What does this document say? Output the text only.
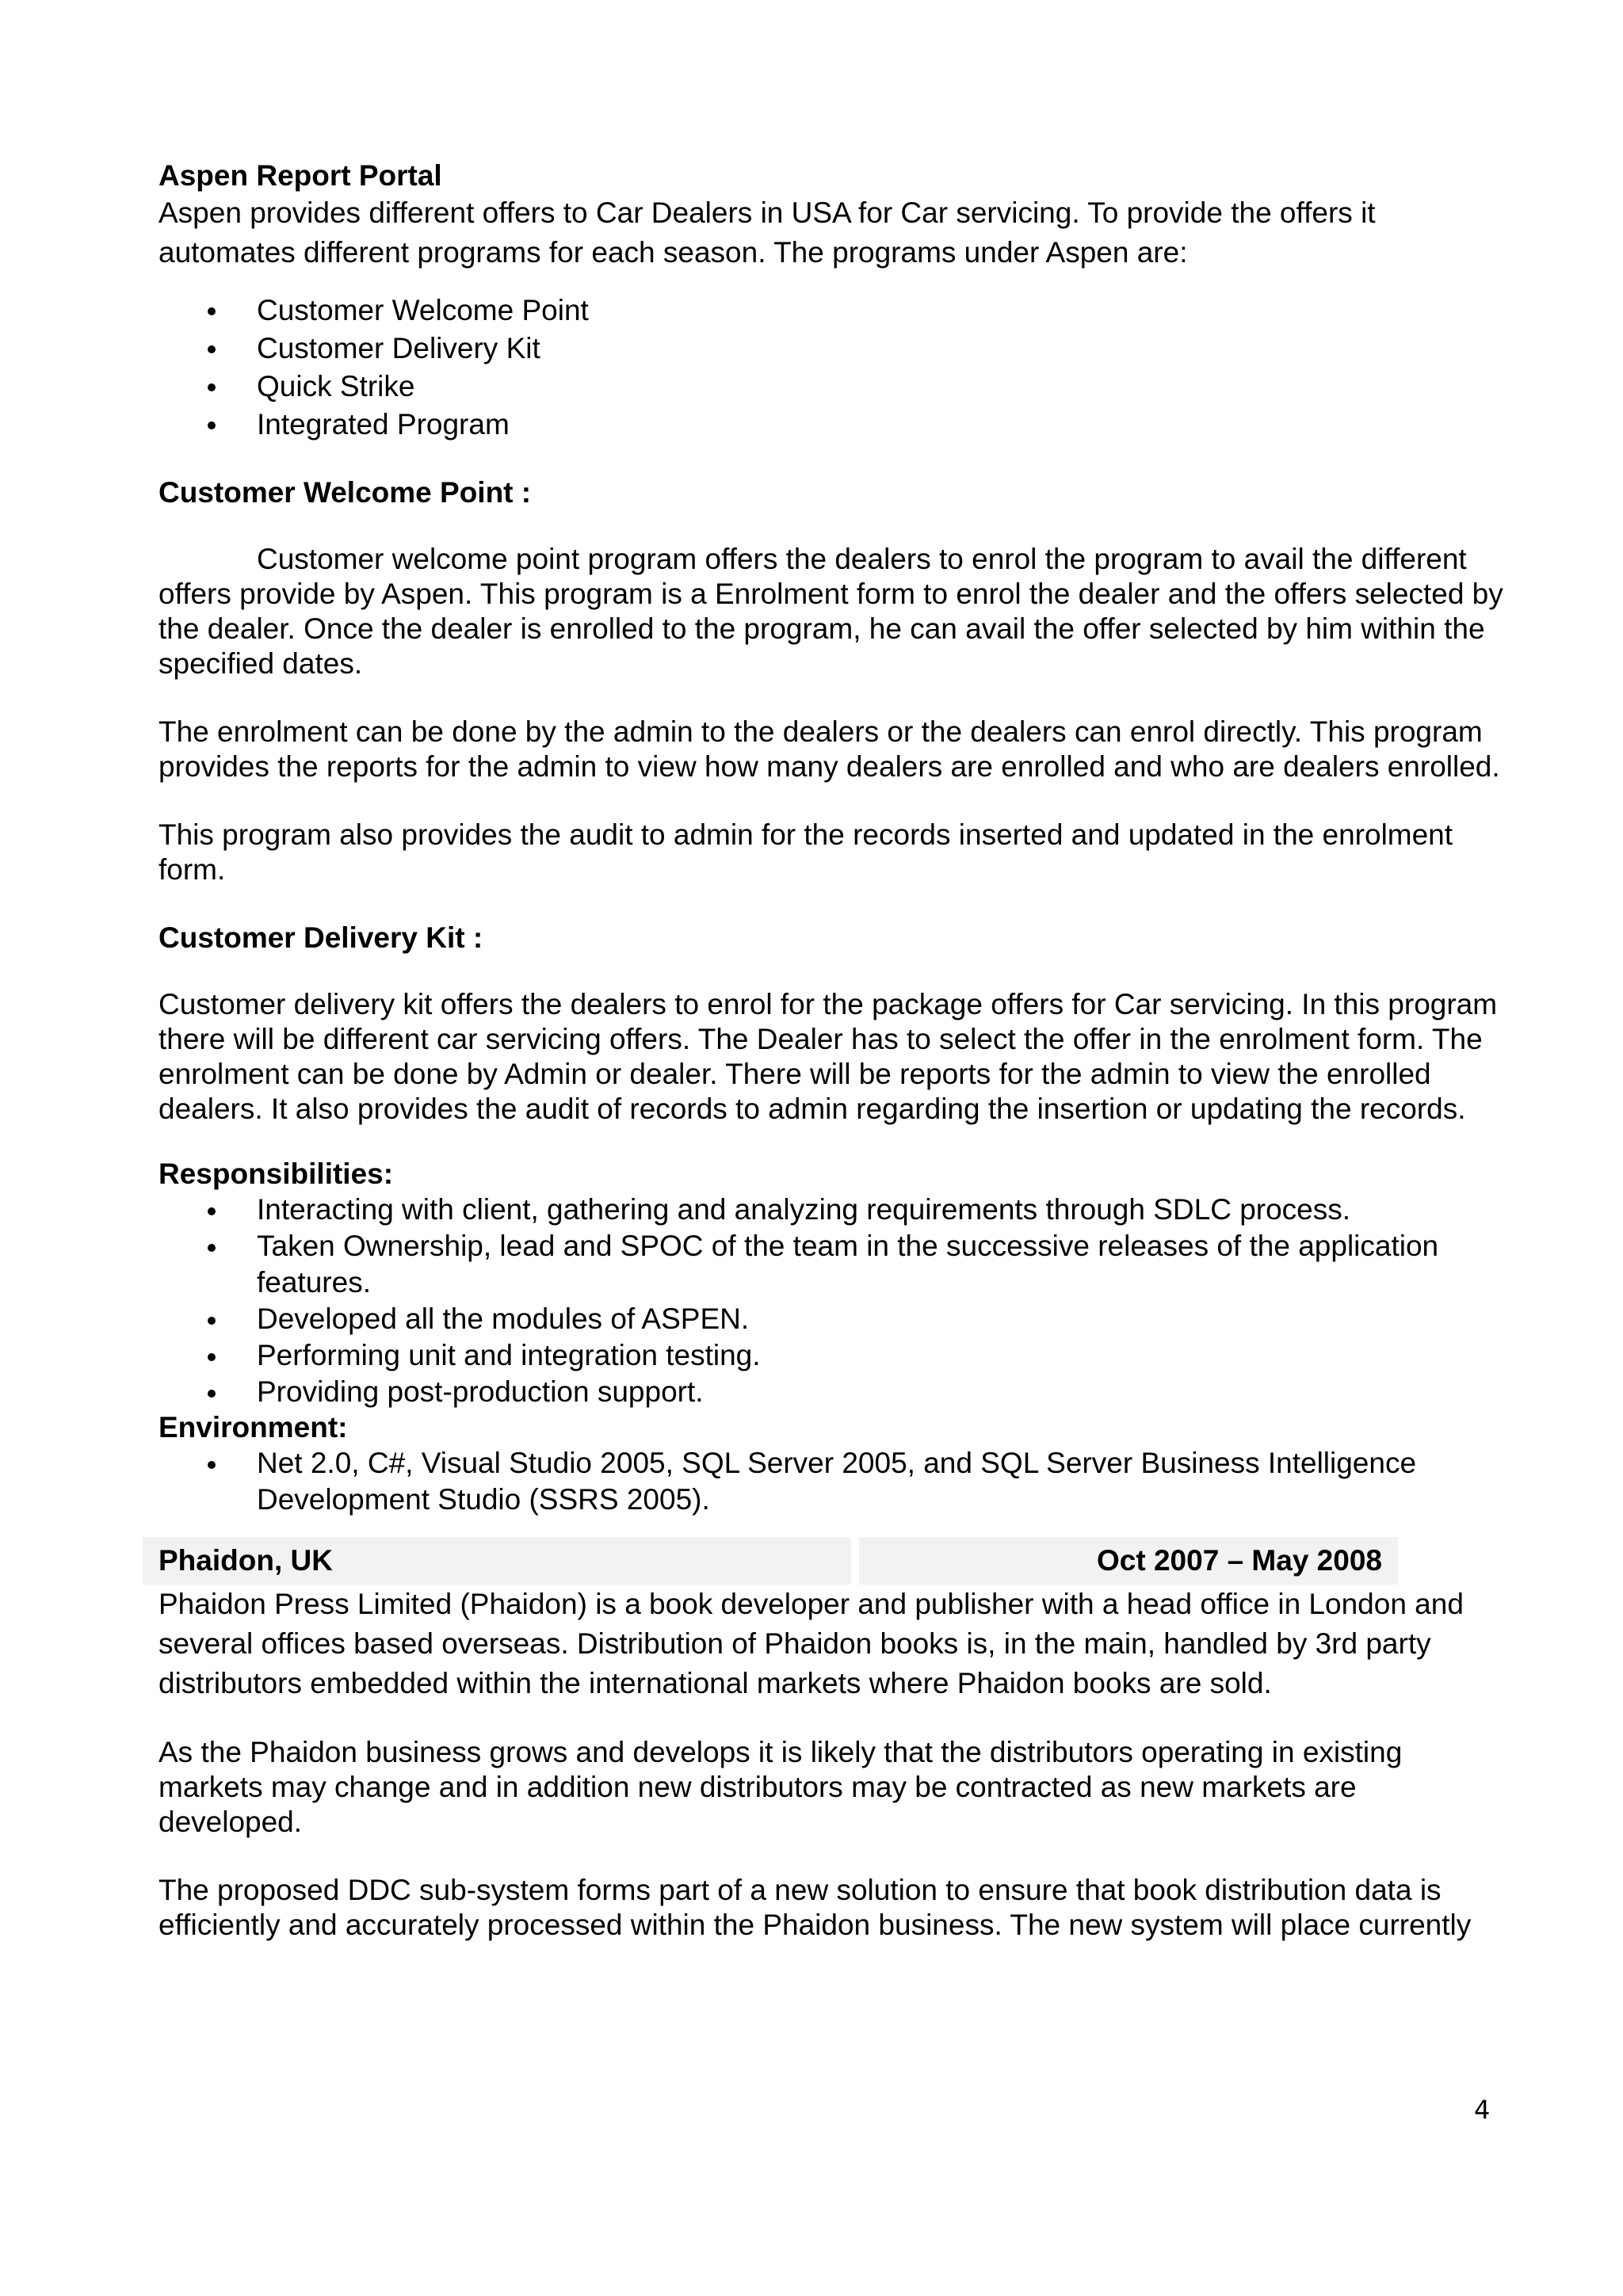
Aspen Report Portal

Aspen provides different offers to Car Dealers in USA for Car servicing. To provide the offers it automates different programs for each season. The programs under Aspen are:

Customer Welcome Point
Customer Delivery Kit
Quick Strike
Integrated Program
Customer Welcome Point :

Customer welcome point program offers the dealers to enrol the program to avail the different offers provide by Aspen. This program is a Enrolment form to enrol the dealer and the offers selected by the dealer. Once the dealer is enrolled to the program, he can avail the offer selected by him within the specified dates.

The enrolment can be done by the admin to the dealers or the dealers can enrol directly. This program provides the reports for the admin to view how many dealers are enrolled and who are dealers enrolled.

This program also provides the audit to admin for the records inserted and updated in the enrolment form.

Customer Delivery Kit :

Customer delivery kit offers the dealers to enrol for the package offers for Car servicing. In this program there will be different car servicing offers. The Dealer has to select the offer in the enrolment form. The enrolment can be done by Admin or dealer. There will be reports for the admin to view the enrolled dealers. It also provides the audit of records to admin regarding the insertion or updating the records.

Responsibilities:
Interacting with client, gathering and analyzing requirements through SDLC process.
Taken Ownership, lead and SPOC of the team in the successive releases of the application features.
Developed all the modules of ASPEN.
Performing unit and integration testing.
Providing post-production support.
Environment:
Net 2.0, C#, Visual Studio 2005, SQL Server 2005, and SQL Server Business Intelligence Development Studio (SSRS 2005).
Phaidon, UK	Oct 2007 – May 2008

Phaidon Press Limited (Phaidon) is a book developer and publisher with a head office in London and several offices based overseas. Distribution of Phaidon books is, in the main, handled by 3rd party distributors embedded within the international markets where Phaidon books are sold.

As the Phaidon business grows and develops it is likely that the distributors operating in existing markets may change and in addition new distributors may be contracted as new markets are developed.

The proposed DDC sub-system forms part of a new solution to ensure that book distribution data is efficiently and accurately processed within the Phaidon business. The new system will place currently

4
